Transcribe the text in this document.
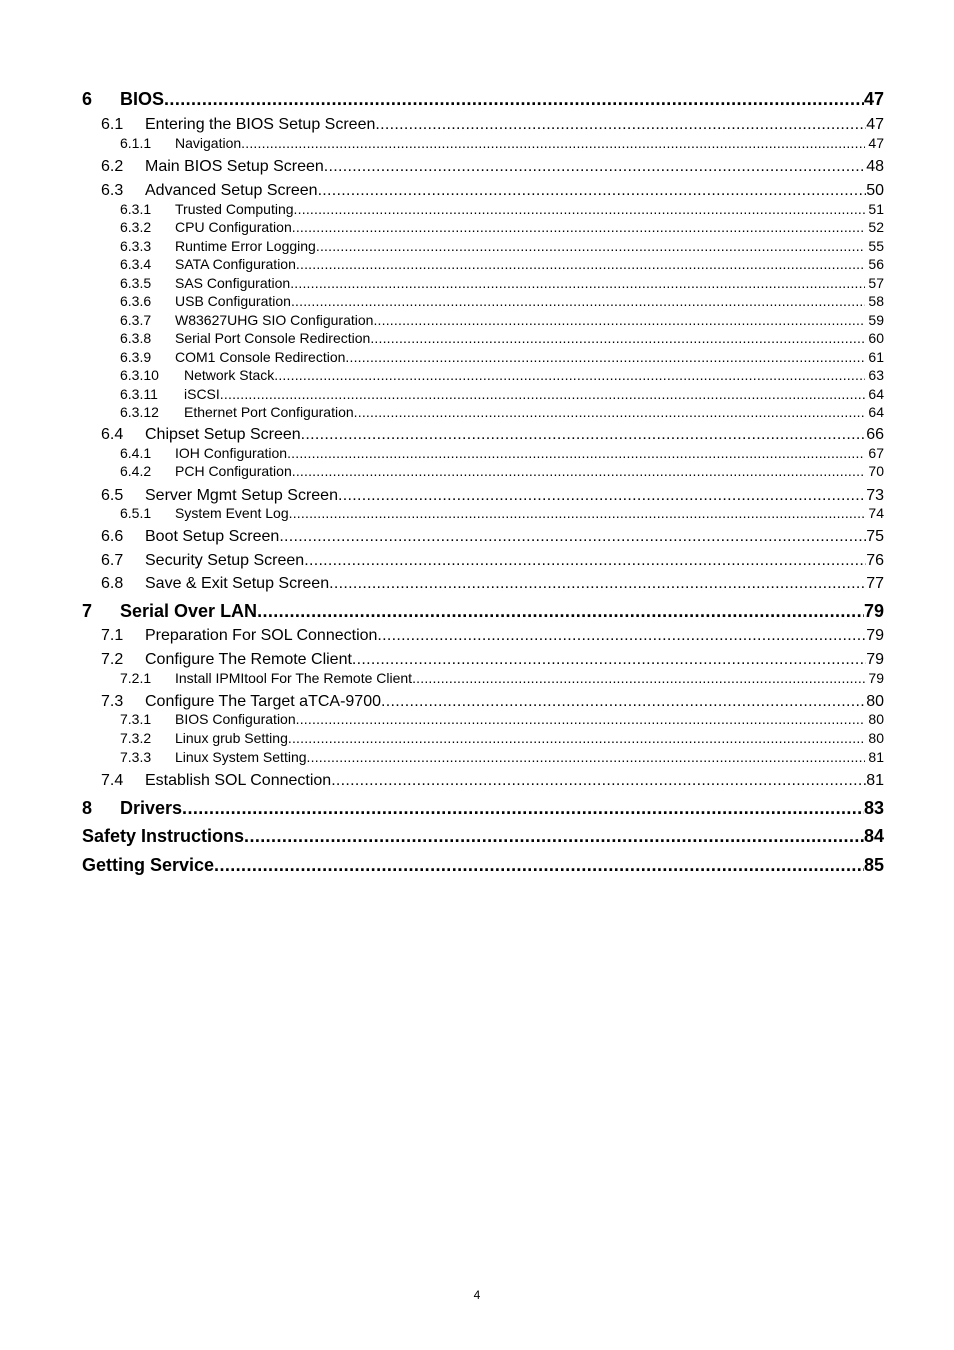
6	BIOS .....	47
6.1	Entering the BIOS Setup Screen .....	47
6.1.1	Navigation .....	47
6.2	Main BIOS Setup Screen .....	48
6.3	Advanced Setup Screen .....	50
6.3.1	Trusted Computing .....	51
6.3.2	CPU Configuration .....	52
6.3.3	Runtime Error Logging .....	55
6.3.4	SATA Configuration .....	56
6.3.5	SAS Configuration .....	57
6.3.6	USB Configuration .....	58
6.3.7	W83627UHG SIO Configuration .....	59
6.3.8	Serial Port Console Redirection .....	60
6.3.9	COM1 Console Redirection .....	61
6.3.10	Network Stack .....	63
6.3.11	iSCSI .....	64
6.3.12	Ethernet Port Configuration .....	64
6.4	Chipset Setup Screen .....	66
6.4.1	IOH Configuration .....	67
6.4.2	PCH Configuration .....	70
6.5	Server Mgmt Setup Screen .....	73
6.5.1	System Event Log .....	74
6.6	Boot Setup Screen .....	75
6.7	Security Setup Screen .....	76
6.8	Save & Exit Setup Screen .....	77
7	Serial Over LAN .....	79
7.1	Preparation For SOL Connection .....	79
7.2	Configure The Remote Client .....	79
7.2.1	Install IPMItool For The Remote Client .....	79
7.3	Configure The Target aTCA-9700 .....	80
7.3.1	BIOS Configuration .....	80
7.3.2	Linux grub Setting .....	80
7.3.3	Linux System Setting .....	81
7.4	Establish SOL Connection .....	81
8	Drivers .....	83
Safety Instructions .....	84
Getting Service .....	85
4
